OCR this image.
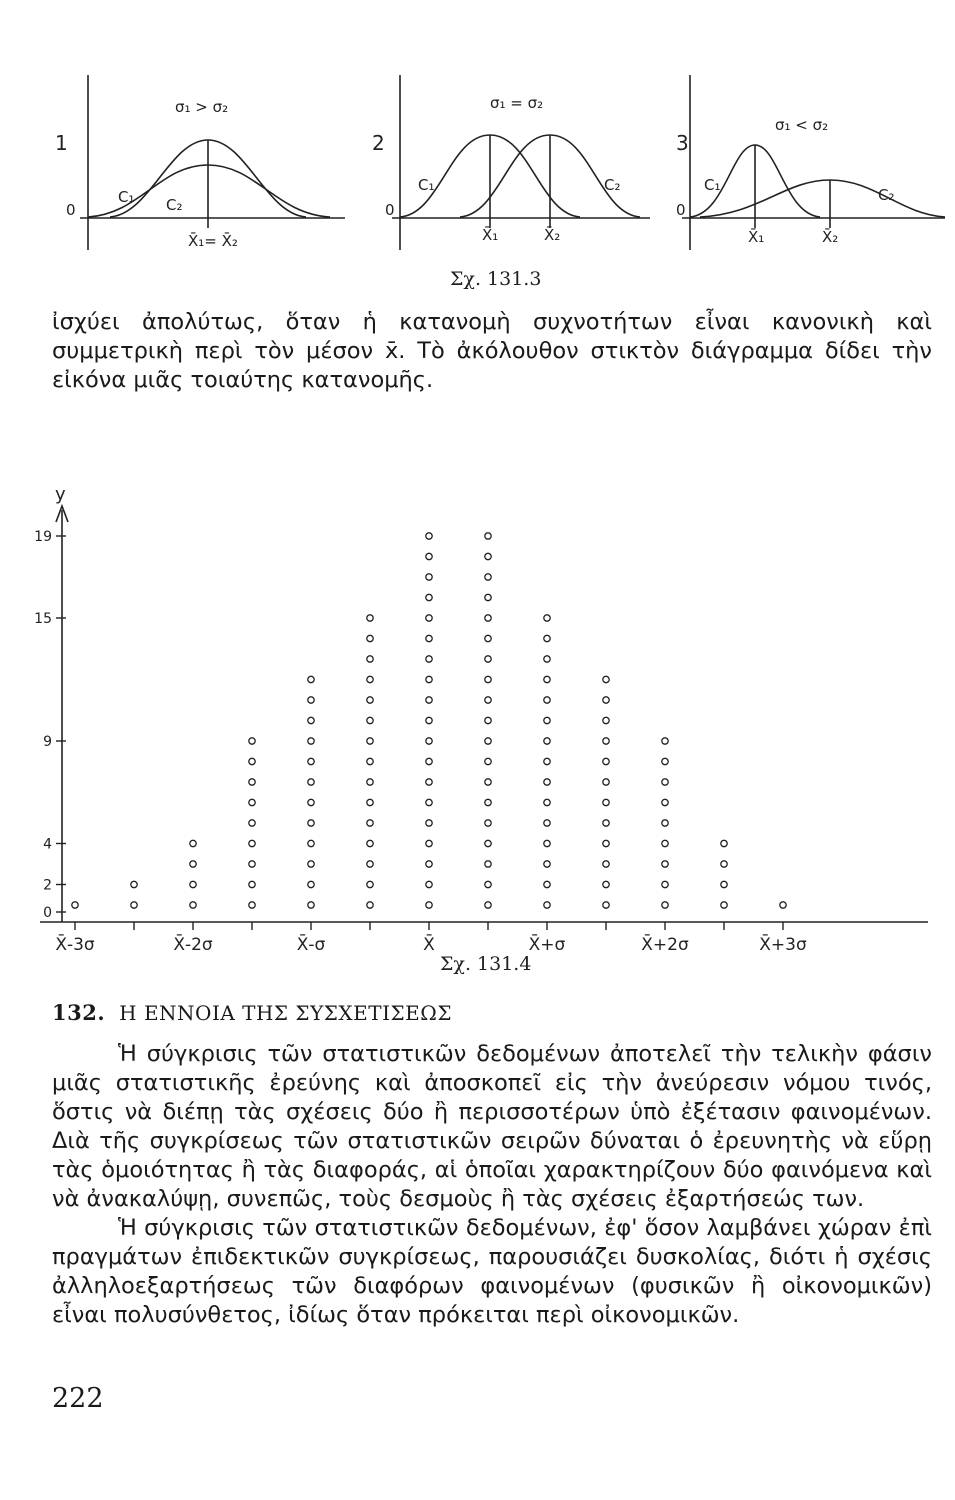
1
0
σ₁ > σ₂
C₁ C₂
X̄₁= X̄₂
2
0
σ₁ = σ₂
C₁	C₂
X̄₁	X̄₂
3
0
σ₁ < σ₂
C₁
C₂
X̄₁	X̄₂
Σχ. 131.3

ἰσχύει ἀπολύτως, ὅταν ἡ κατανομὴ συχνοτήτων εἶναι κανονικὴ καὶ συμμετρικὴ περὶ τὸν μέσον x̄. Τὸ ἀκόλουθον στικτὸν διάγραμμα δίδει τὴν εἰκόνα μιᾶς τοιαύτης κατανομῆς.

y
0
2
4
9
15
19
X̄-3σ	X̄-2σ	X̄-σ	X̄	X̄+σ	X̄+2σ	X̄+3σ
Σχ. 131.4
132. Η ΕΝΝΟΙΑ ΤΗΣ ΣΥΣΧΕΤΙΣΕΩΣ

Ἡ σύγκρισις τῶν στατιστικῶν δεδομένων ἀποτελεῖ τὴν τελικὴν φάσιν μιᾶς στατιστικῆς ἐρεύνης καὶ ἀποσκοπεῖ εἰς τὴν ἀνεύρεσιν νόμου τινός, ὅστις νὰ διέπῃ τὰς σχέσεις δύο ἢ περισσοτέρων ὑπὸ ἐξέτασιν φαινομένων. Διὰ τῆς συγκρίσεως τῶν στατιστικῶν σειρῶν δύναται ὁ ἐρευνητὴς νὰ εὕρῃ τὰς ὁμοιότητας ἢ τὰς διαφοράς, αἱ ὁποῖαι χαρακτηρίζουν δύο φαινόμενα καὶ νὰ ἀνακαλύψῃ, συνεπῶς, τοὺς δεσμοὺς ἢ τὰς σχέσεις ἐξαρτήσεώς των.

Ἡ σύγκρισις τῶν στατιστικῶν δεδομένων, ἐφ' ὅσον λαμβάνει χώραν ἐπὶ πραγμάτων ἐπιδεκτικῶν συγκρίσεως, παρουσιάζει δυσκολίας, διότι ἡ σχέσις ἀλληλοεξαρτήσεως τῶν διαφόρων φαινομένων (φυσικῶν ἢ οἰκονομικῶν) εἶναι πολυσύνθετος, ἰδίως ὅταν πρόκειται περὶ οἰκονομικῶν.

222
